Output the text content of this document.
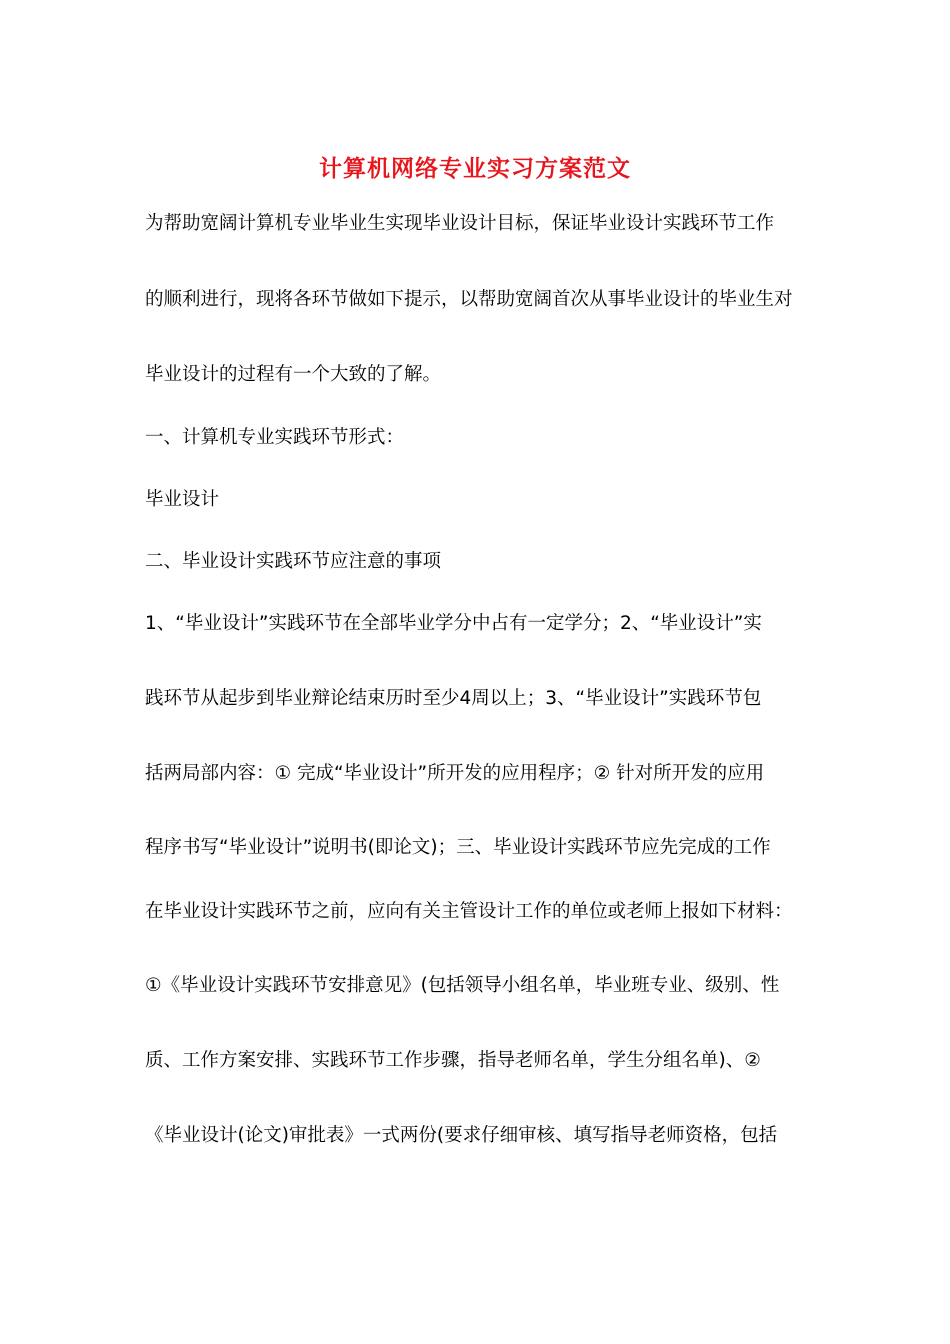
计算机网络专业实习方案范文
为帮助宽阔计算机专业毕业生实现毕业设计目标，保证毕业设计实践环节工作
的顺利进行，现将各环节做如下提示，以帮助宽阔首次从事毕业设计的毕业生对
毕业设计的过程有一个大致的了解。
一、计算机专业实践环节形式：
毕业设计
二、毕业设计实践环节应注意的事项
1、“毕业设计”实践环节在全部毕业学分中占有一定学分；2、“毕业设计”实
践环节从起步到毕业辩论结束历时至少4周以上；3、“毕业设计”实践环节包
括两局部内容：① 完成“毕业设计”所开发的应用程序；② 针对所开发的应用
程序书写“毕业设计”说明书(即论文)；三、毕业设计实践环节应先完成的工作
在毕业设计实践环节之前，应向有关主管设计工作的单位或老师上报如下材料：
①《毕业设计实践环节安排意见》(包括领导小组名单，毕业班专业、级别、性
质、工作方案安排、实践环节工作步骤，指导老师名单，学生分组名单)、②
《毕业设计(论文)审批表》一式两份(要求仔细审核、填写指导老师资格，包括
